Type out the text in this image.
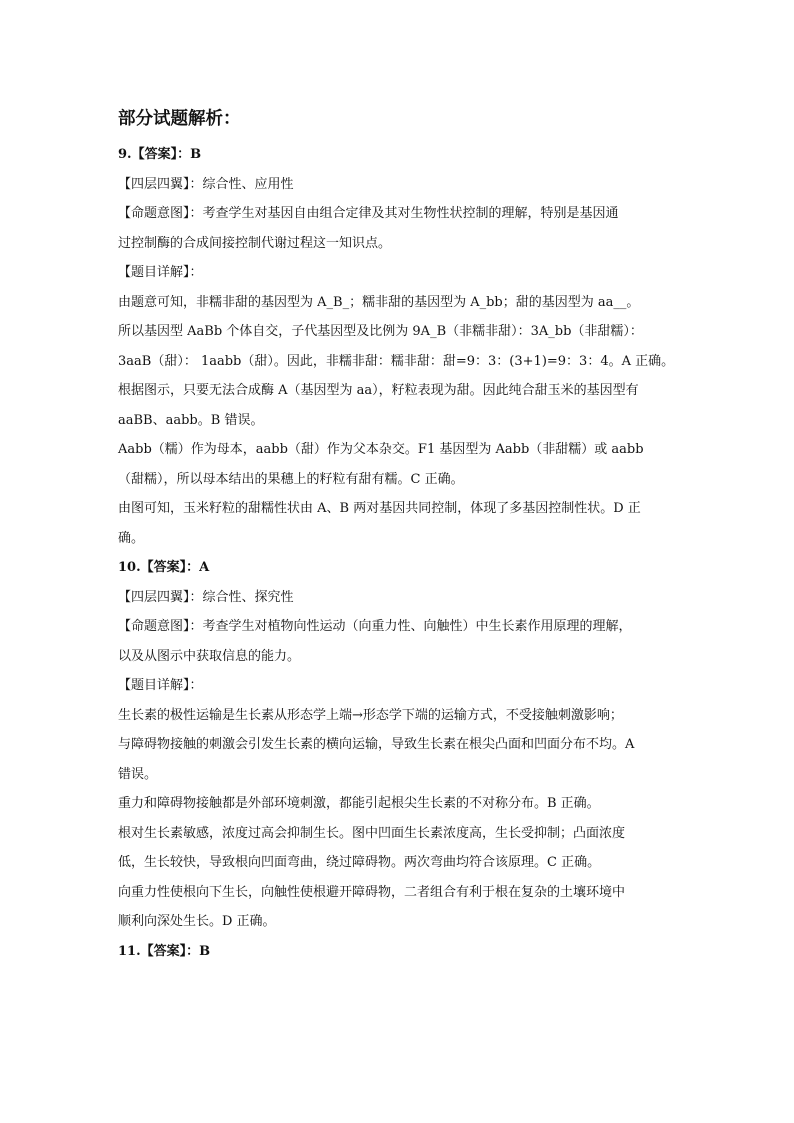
部分试题解析：

9.【答案】：B

【四层四翼】：综合性、应用性

【命题意图】：考查学生对基因自由组合定律及其对生物性状控制的理解，特别是基因通

过控制酶的合成间接控制代谢过程这一知识点。

【题目详解】：

由题意可知，非糯非甜的基因型为 A_B_；糯非甜的基因型为 A_bb；甜的基因型为 aa__。

所以基因型 AaBb 个体自交，子代基因型及比例为 9A_B（非糯非甜）：3A_bb（非甜糯）：

3aaB（甜）： 1aabb（甜）。因此，非糯非甜：糯非甜：甜=9：3：(3+1)=9：3：4。A 正确。

根据图示，只要无法合成酶 A（基因型为 aa），籽粒表现为甜。因此纯合甜玉米的基因型有

aaBB、aabb。B 错误。

Aabb（糯）作为母本，aabb（甜）作为父本杂交。F1 基因型为 Aabb（非甜糯）或 aabb

（甜糯），所以母本结出的果穗上的籽粒有甜有糯。C 正确。

由图可知，玉米籽粒的甜糯性状由 A、B 两对基因共同控制，体现了多基因控制性状。D 正

确。

10.【答案】：A

【四层四翼】：综合性、探究性

【命题意图】：考查学生对植物向性运动（向重力性、向触性）中生长素作用原理的理解，

以及从图示中获取信息的能力。

【题目详解】：

生长素的极性运输是生长素从形态学上端→形态学下端的运输方式，不受接触刺激影响；

与障碍物接触的刺激会引发生长素的横向运输，导致生长素在根尖凸面和凹面分布不均。A

错误。

重力和障碍物接触都是外部环境刺激，都能引起根尖生长素的不对称分布。B 正确。

根对生长素敏感，浓度过高会抑制生长。图中凹面生长素浓度高，生长受抑制；凸面浓度

低，生长较快，导致根向凹面弯曲，绕过障碍物。两次弯曲均符合该原理。C 正确。

向重力性使根向下生长，向触性使根避开障碍物，二者组合有利于根在复杂的土壤环境中

顺利向深处生长。D 正确。

11.【答案】：B
